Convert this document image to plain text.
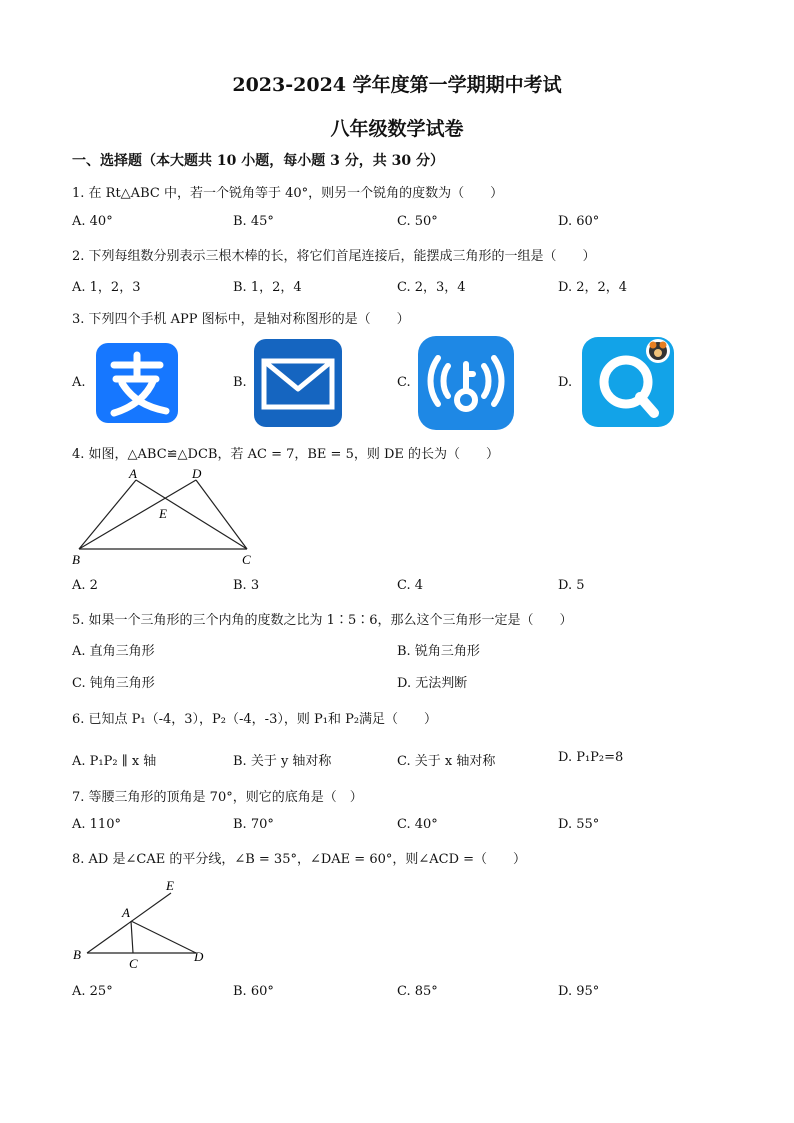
2023-2024 学年度第一学期期中考试
八年级数学试卷
一、选择题（本大题共 10 小题，每小题 3 分，共 30 分）
1. 在 Rt△ABC 中，若一个锐角等于 40°，则另一个锐角的度数为（　　）
A. 40°	B. 45°	C. 50°	D. 60°
2. 下列每组数分别表示三根木棒的长，将它们首尾连接后，能摆成三角形的一组是（　　）
A. 1，2，3	B. 1，2，4	C. 2，3，4	D. 2，2，4
3. 下列四个手机 APP 图标中，是轴对称图形的是（　　）
A.	B.	C.	D.
4. 如图，△ABC≌△DCB，若 AC = 7，BE = 5，则 DE 的长为（　　）
A	D
E
B	C
A. 2	B. 3	C. 4	D. 5
5. 如果一个三角形的三个内角的度数之比为 1∶5∶6，那么这个三角形一定是（　　）
A. 直角三角形	B. 锐角三角形
C. 钝角三角形	D. 无法判断
6. 已知点 P₁（-4，3），P₂（-4，-3），则 P₁和 P₂满足（　　）
A. P₁P₂ ∥ x 轴	B. 关于 y 轴对称	C. 关于 x 轴对称	D. P₁P₂=8
7. 等腰三角形的顶角是 70°，则它的底角是（　）
A. 110°	B. 70°	C. 40°	D. 55°
8. AD 是∠CAE 的平分线，∠B = 35°，∠DAE = 60°，则∠ACD =（　　）
E
A
B
C	D
A. 25°	B. 60°	C. 85°	D. 95°
